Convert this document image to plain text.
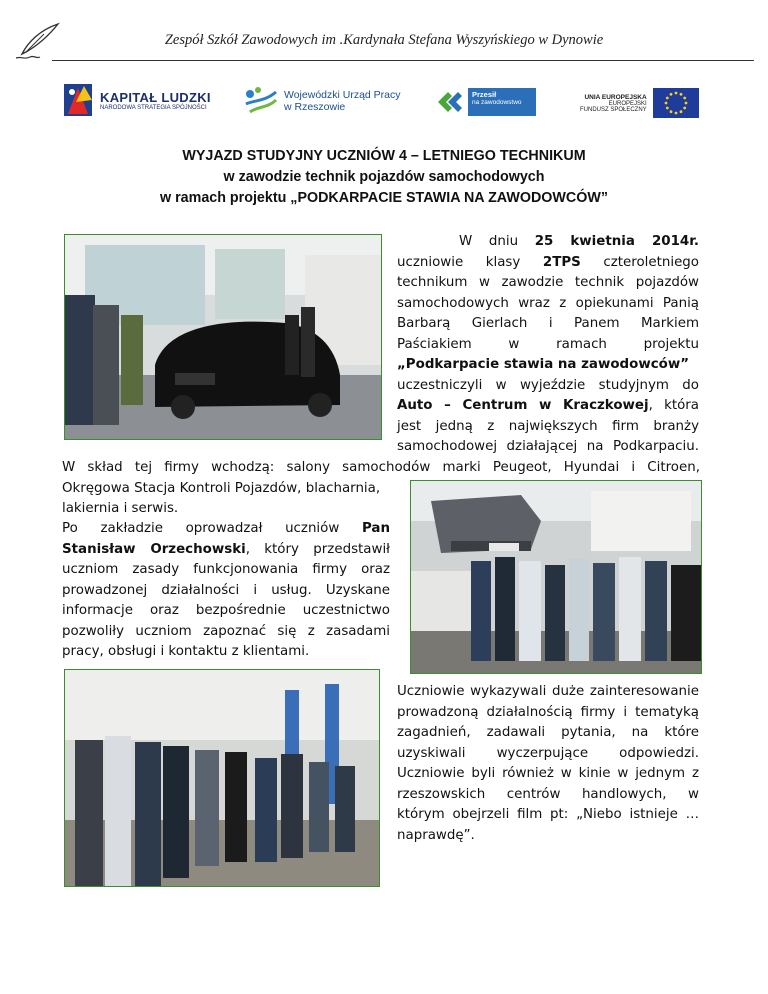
Zespół Szkół Zawodowych im .Kardynała Stefana Wyszyńskiego w Dynowie
KAPITAŁ LUDZKI
NARODOWA STRATEGIA SPÓJNOŚCI
Wojewódzki Urząd Pracy
w Rzeszowie
Przesił
na zawodowstwo
UNIA EUROPEJSKA
EUROPEJSKI
FUNDUSZ SPOŁECZNY
WYJAZD STUDYJNY UCZNIÓW 4 – LETNIEGO TECHNIKUM
w zawodzie technik pojazdów samochodowych
w ramach projektu „PODKARPACIE STAWIA NA ZAWODOWCÓW”
W dniu 25 kwietnia 2014r.
uczniowie klasy 2TPS czteroletniego
technikum w zawodzie technik pojazdów
samochodowych wraz z opiekunami Panią
Barbarą Gierlach i Panem Markiem
Paściakiem w ramach projektu
„Podkarpacie stawia na zawodowców”
uczestniczyli w wyjeździe studyjnym do
Auto – Centrum w Kraczkowej, która
jest jedną z największych firm branży
samochodowej działającej na Podkarpaciu.
W skład tej firmy wchodzą: salony samochodów marki Peugeot, Hyundai i Citroen,
Okręgowa Stacja Kontroli Pojazdów, blacharnia,
lakiernia i serwis.
Po zakładzie oprowadzał uczniów Pan
Stanisław Orzechowski, który przedstawił
uczniom zasady funkcjonowania firmy oraz
prowadzonej działalności i usług. Uzyskane
informacje oraz bezpośrednie uczestnictwo
pozwoliły uczniom zapoznać się z zasadami
pracy, obsługi i kontaktu z klientami.
Uczniowie wykazywali duże zainteresowanie
prowadzoną działalnością firmy i tematyką
zagadnień, zadawali pytania, na które
uzyskiwali wyczerpujące odpowiedzi.
Uczniowie byli również w kinie w jednym z
rzeszowskich centrów handlowych, w
którym obejrzeli film pt: „Niebo istnieje …
naprawdę”.
